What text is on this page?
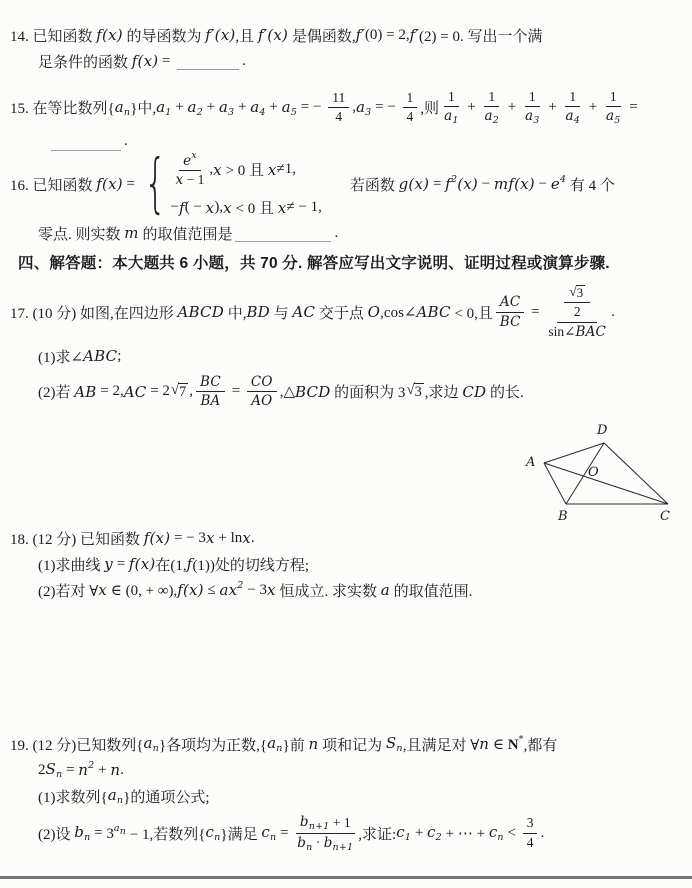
14. 已知函数 f(x) 的导函数为 f′(x) ,且 f′(x) 是偶函数, f′ (0) = 2, f′ (2) = 0. 写出一个满
足条件的函数 f(x) =	.
15. 在等比数列{ an }中, a1 + a2 + a3 + a4 + a5 = − $\frac{11}{4}$ , a3 = − $\frac{1}{4}$ ,则 $\frac{1}{a1} + \frac{1}{a2} + \frac{1}{a3} + \frac{1}{a4} + \frac{1}{a5}$ =
.
16. 已知函数 f(x) = { $\frac{ex}{x - 1}$ , x > 0 且 x ≠1,
− f ( − x ), x < 0 且 x ≠ − 1,
若函数 g(x) = f2 (x) − mf(x) − e4 有 4 个
零点. 则实数 m 的取值范围是	.
四、解答题：本大题共 6 小题，共 70 分. 解答应写出文字说明、证明过程或演算步骤.
17. (10 分) 如图,在四边形 ABCD 中, BD 与 AC 交于点 O ,cos∠ ABC < 0,且 $\frac{AC}{BC} = \frac{\frac{√ 3}{2}}{\text{sin∠ BAC}}$ .
(1)求∠ ABC ;
(2)若 AB = 2, AC = 2 √ 7 , $\frac{BC}{BA} = \frac{CO}{AO}$ ,△ BCD 的面积为 3 √ 3 ,求边 CD 的长.
A
D
B	C
O
18. (12 分) 已知函数 f(x) = − 3 x + ln x .
(1)求曲线 y = f(x) 在(1, f (1))处的切线方程;
(2)若对 ∀ x ∈ (0, + ∞), f(x) ≤ a x2 − 3 x 恒成立. 求实数 a 的取值范围.
19. (12 分)已知数列{ an }各项均为正数,{ an }前 n 项和记为 Sn ,且满足对 ∀ n ∈ N* ,都有
2 Sn = n2 + n .
(1)求数列{ an }的通项公式;
(2)设 bn = 3an − 1,若数列{ cn }满足 cn = $\frac{bn+1 + 1}{bn \cdot bn+1}$ ,求证: c1 + c2 + ⋯ + cn < $\frac{3}{4}$ .
